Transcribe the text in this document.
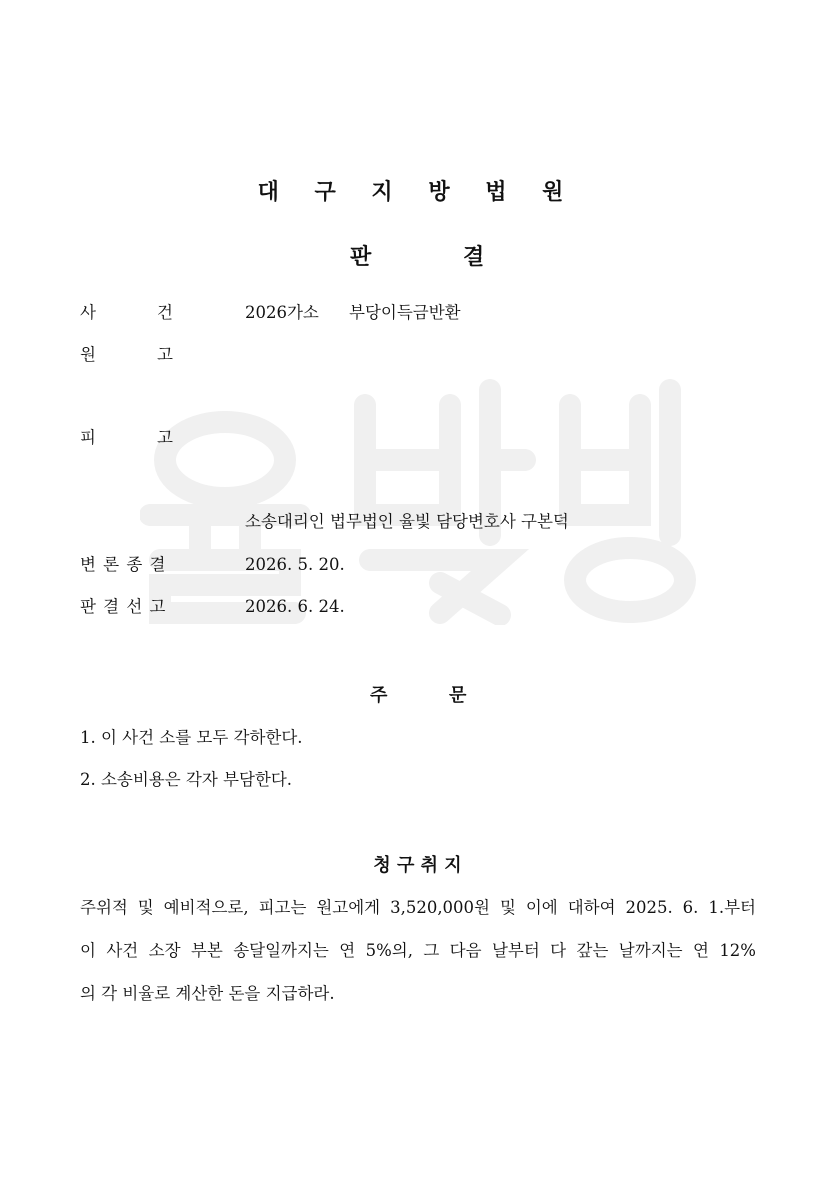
대 구 지 방 법 원
판	결
사	건	2026가소 부당이득금반환
원	고
피	고
소송대리인 법무법인 율빛 담당변호사 구본덕
변 론 종 결	2026. 5. 20.
판 결 선 고	2026. 6. 24.
주	문
1. 이 사건 소를 모두 각하한다.
2. 소송비용은 각자 부담한다.
청 구 취 지
주위적 및 예비적으로, 피고는 원고에게 3,520,000원 및 이에 대하여 2025. 6. 1.부터
이 사건 소장 부본 송달일까지는 연 5%의, 그 다음 날부터 다 갚는 날까지는 연 12%
의 각 비율로 계산한 돈을 지급하라.
